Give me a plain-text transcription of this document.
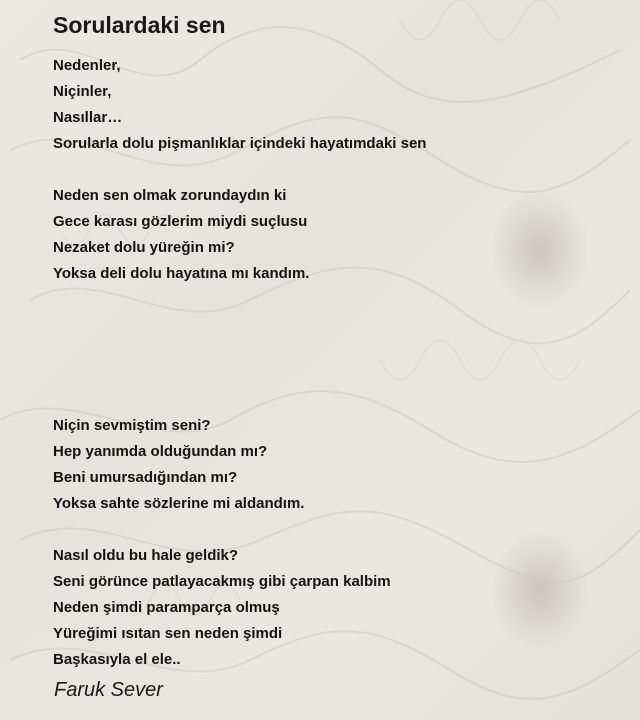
Sorulardaki sen
Nedenler,
Niçinler,
Nasıllar…
Sorularla dolu pişmanlıklar içindeki hayatımdaki sen
Neden sen olmak zorundaydın ki
Gece karası gözlerim miydi suçlusu
Nezaket dolu yüreğin mi?
Yoksa deli dolu hayatına mı kandım.
Niçin sevmiştim seni?
Hep yanımda olduğundan mı?
Beni umursadığından mı?
Yoksa sahte sözlerine mi aldandım.
Nasıl oldu bu hale geldik?
Seni görünce patlayacakmış gibi çarpan kalbim
Neden şimdi paramparça olmuş
Yüreğimi ısıtan sen neden şimdi
Başkasıyla el ele..
Faruk Sever
